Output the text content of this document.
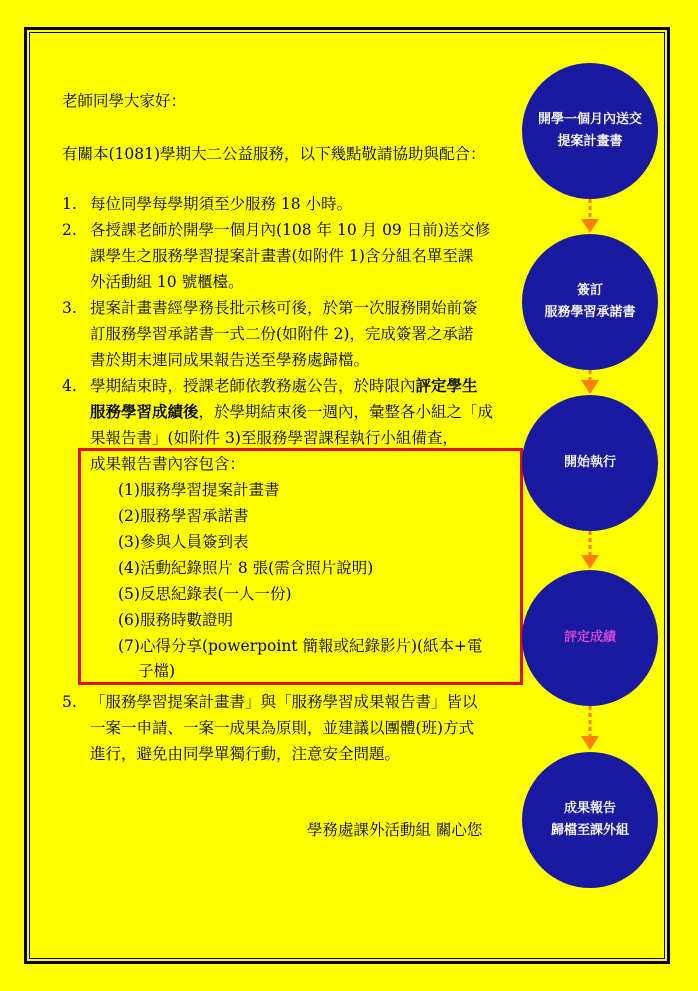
老師同學大家好：
有關本(1081)學期大二公益服務，以下幾點敬請協助與配合：
1. 每位同學每學期須至少服務 18 小時。
2. 各授課老師於開學一個月內(108 年 10 月 09 日前)送交修
課學生之服務學習提案計畫書(如附件 1)含分組名單至課
外活動組 10 號櫃檯。
3. 提案計畫書經學務長批示核可後，於第一次服務開始前簽
訂服務學習承諾書一式二份(如附件 2)，完成簽署之承諾
書於期末連同成果報告送至學務處歸檔。
4. 學期結束時，授課老師依教務處公告，於時限內評定學生
服務學習成績後，於學期結束後一週內，彙整各小組之「成
果報告書」(如附件 3)至服務學習課程執行小組備查，
成果報告書內容包含：
(1)服務學習提案計畫書
(2)服務學習承諾書
(3)參與人員簽到表
(4)活動紀錄照片 8 張(需含照片說明)
(5)反思紀錄表(一人一份)
(6)服務時數證明
(7)心得分享(powerpoint 簡報或紀錄影片)(紙本+電
子檔)
5. 「服務學習提案計畫書」與「服務學習成果報告書」皆以
一案一申請、一案一成果為原則，並建議以團體(班)方式
進行，避免由同學單獨行動，注意安全問題。
學務處課外活動組 關心您
開學一個月內送交
提案計畫書
簽訂
服務學習承諾書
開始執行
評定成績
成果報告
歸檔至課外組
